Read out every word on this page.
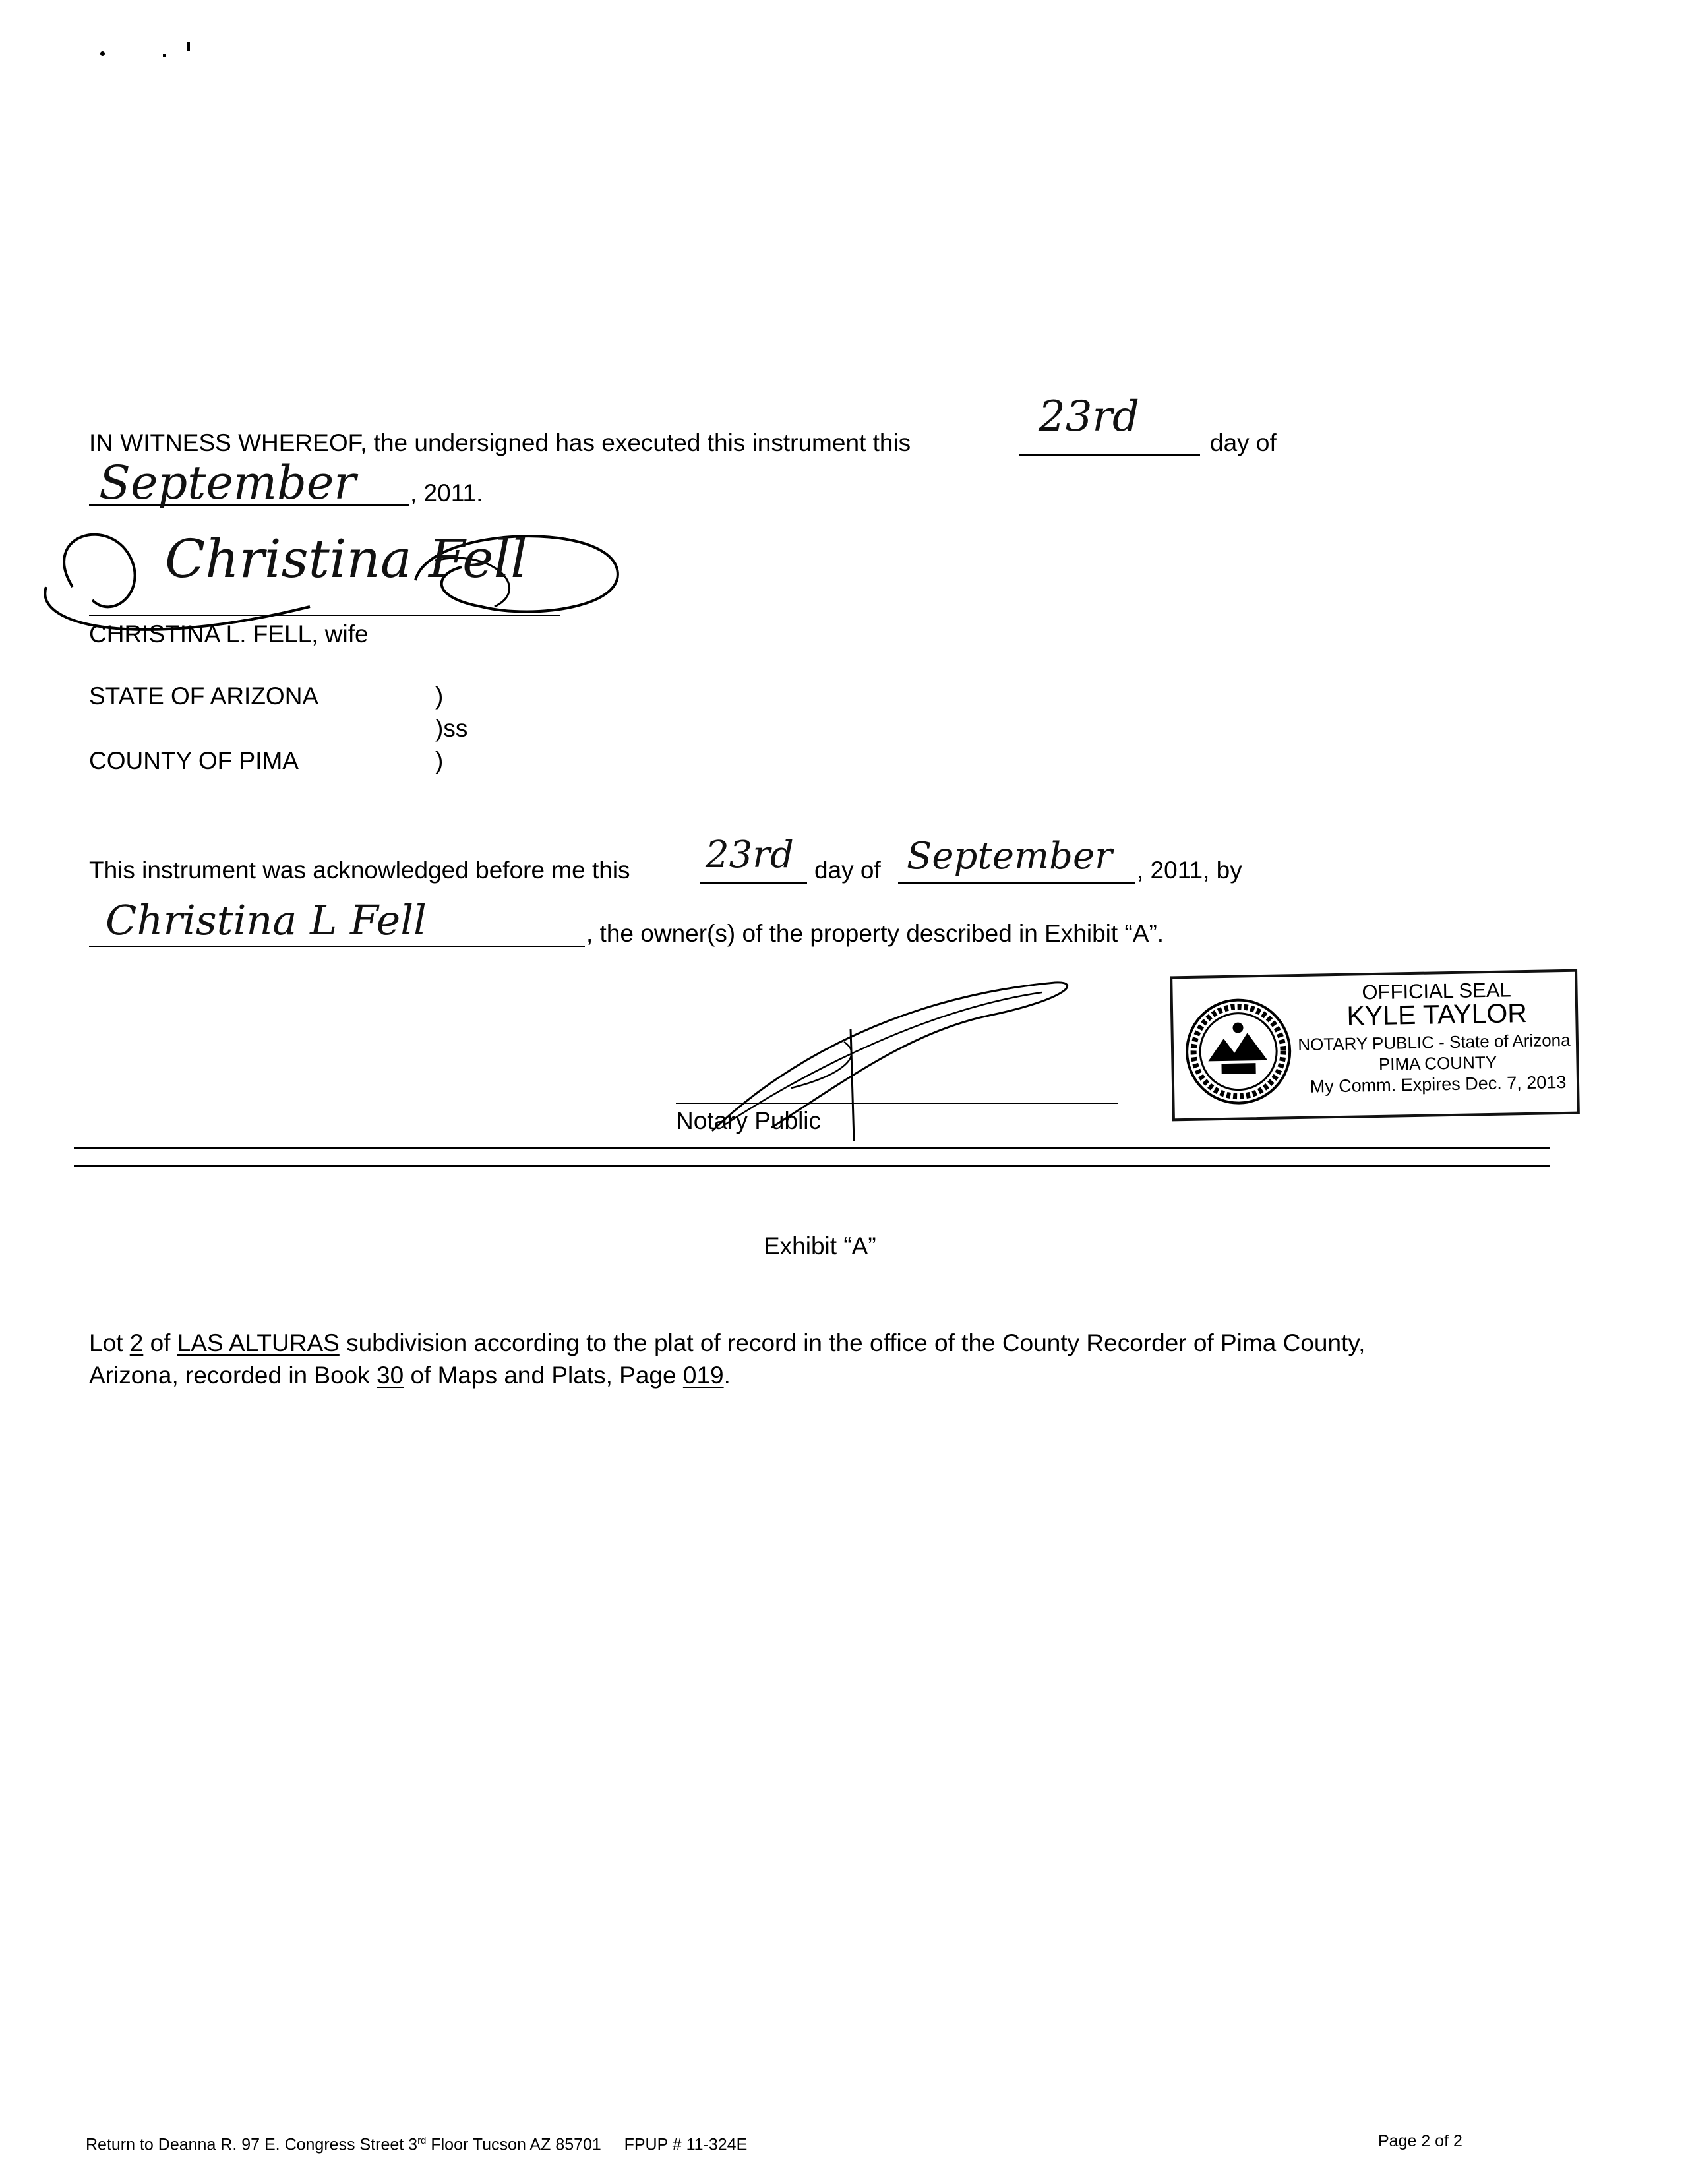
IN WITNESS WHEREOF, the undersigned has executed this instrument this
23rd
day of
September , 2011.
Christina Fell
CHRISTINA L. FELL, wife
STATE OF ARIZONA	)
)ss
COUNTY OF PIMA	)
This instrument was acknowledged before me this 23rd day of September , 2011, by
Christina L Fell	, the owner(s) of the property described in Exhibit “A”.
Notary Public
OFFICIAL SEAL
KYLE TAYLOR
NOTARY PUBLIC - State of Arizona
PIMA COUNTY
My Comm. Expires Dec. 7, 2013
Exhibit “A”
Lot 2 of LAS ALTURAS subdivision according to the plat of record in the office of the County Recorder of Pima County,
Arizona, recorded in Book 30 of Maps and Plats, Page 019.
Return to Deanna R. 97 E. Congress Street 3rd Floor Tucson AZ 85701     FPUP # 11-324E	Page 2 of 2
